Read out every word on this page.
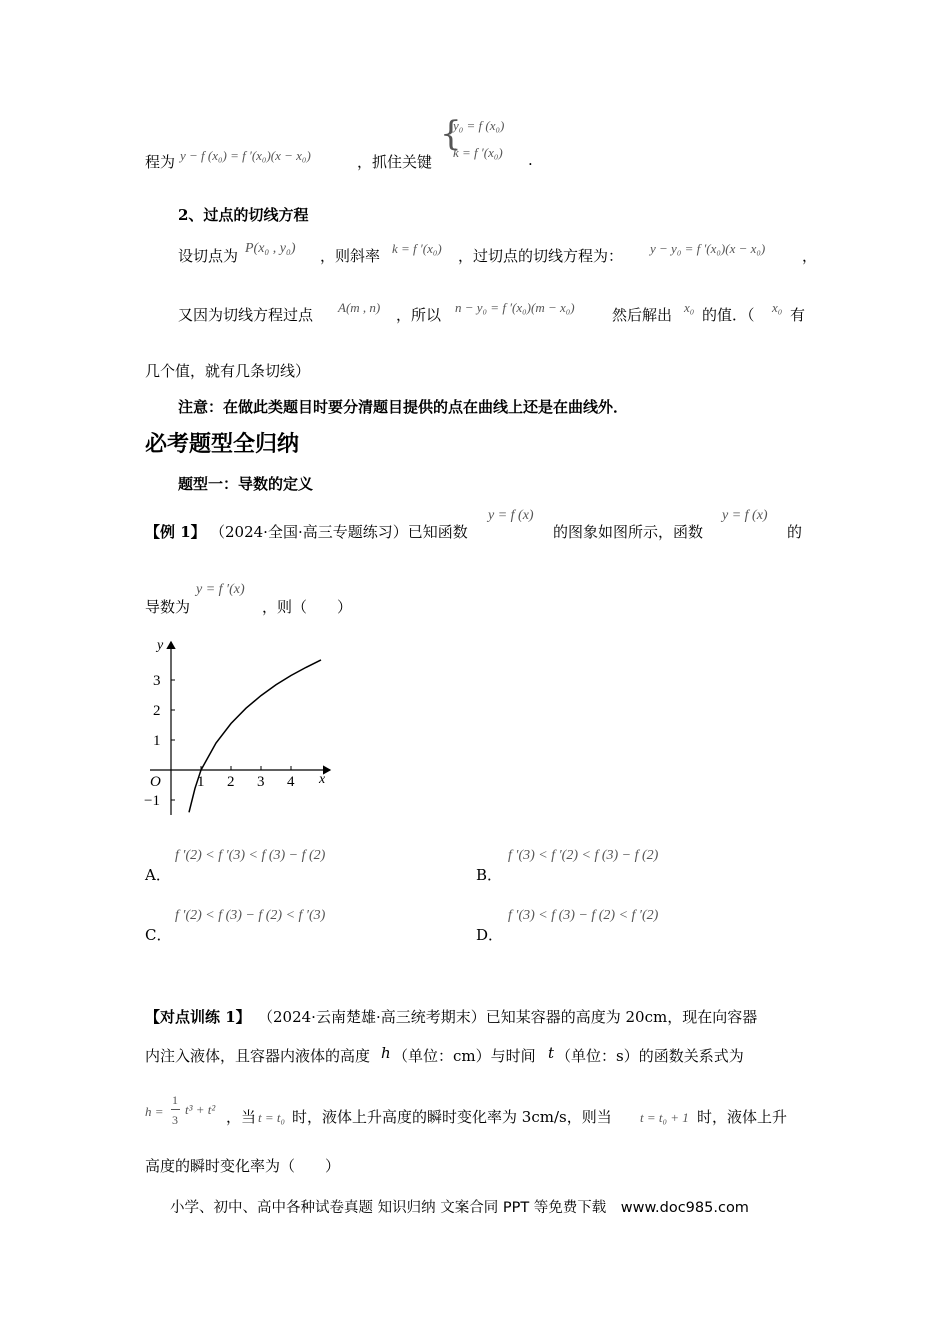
程为 y − f (x₀) = f ′(x₀)(x − x₀)	，抓住关键
{
y₀ = f (x₀)
k = f ′(x₀) .
2、过点的切线方程
设切点为 P(x₀ , y₀) ，则斜率 k = f ′(x₀) ，过切点的切线方程为： y − y₀ = f ′(x₀)(x − x₀) ，
又因为切线方程过点 A(m , n) ，所以 n − y₀ = f ′(x₀)(m − x₀) 然后解出 x₀ 的值．（ x₀ 有
几个值，就有几条切线）
注意：在做此类题目时要分清题目提供的点在曲线上还是在曲线外．
必考题型全归纳
题型一：导数的定义
【例 1】 （2024·全国·高三专题练习）已知函数
y = f (x)
的图象如图所示，函数
y = f (x)
的
导数为
y = f ′(x)
，则（　　）
y
x
O 1 2 3 4
3
2
1
−1
A．
f ′(2) < f ′(3) < f (3) − f (2)
B．
f ′(3) < f ′(2) < f (3) − f (2)
C．
f ′(2) < f (3) − f (2) < f ′(3)
D．
f ′(3) < f (3) − f (2) < f ′(2)
【对点训练 1】 （2024·云南楚雄·高三统考期末）已知某容器的高度为 20cm，现在向容器
内注入液体，且容器内液体的高度 h （单位：cm）与时间 t （单位：s）的函数关系式为
h =
1
3
t³ + t² ，当 t = t₀ 时，液体上升高度的瞬时变化率为 3cm/s，则当 t = t₀ + 1 时，液体上升
高度的瞬时变化率为（　　）
小学、初中、高中各种试卷真题 知识归纳 文案合同 PPT 等免费下载　www.doc985.com
